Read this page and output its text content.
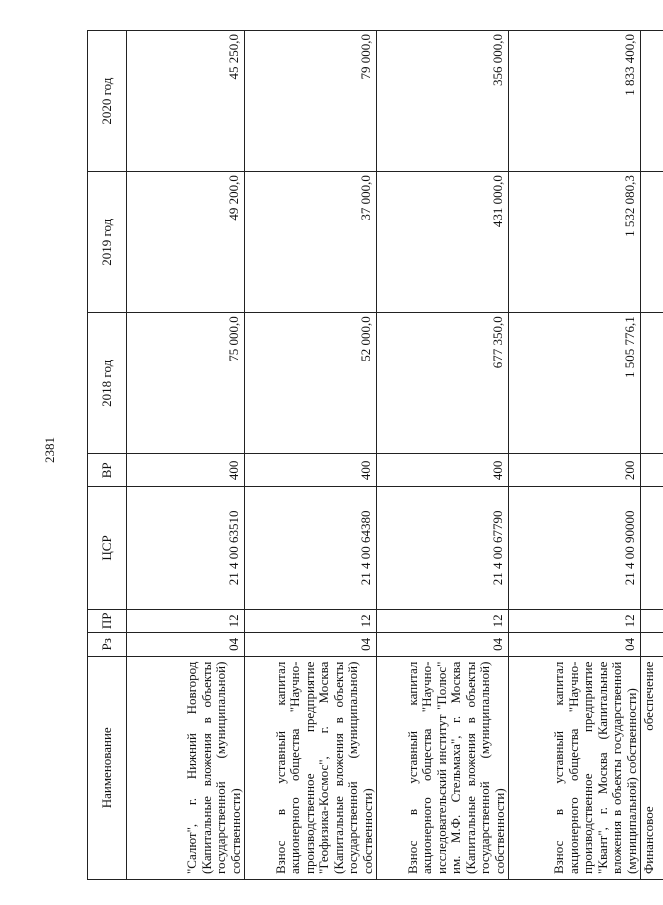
2381
Наименование	Рз	ПР	ЦСР	ВР	2018 год	2019 год	2020 год
"Салют", г. Нижний Новгород (Капитальные вложения в объекты государственной (муниципальной) собственности)	04	12	21 4 00 63510	400	75 000,0	49 200,0	45 250,0
Взнос в уставный капитал акционерного общества "Научно-производственное предприятие "Геофизика-Космос", г. Москва (Капитальные вложения в объекты государственной (муниципальной) собственности)	04	12	21 4 00 64380	400	52 000,0	37 000,0	79 000,0
Взнос в уставный капитал акционерного общества "Научно-исследовательский институт "Полюс" им. М.Ф. Стельмаха", г. Москва (Капитальные вложения в объекты государственной (муниципальной) собственности)	04	12	21 4 00 67790	400	677 350,0	431 000,0	356 000,0
Взнос в уставный капитал акционерного общества "Научно-производственное предприятие "Квант", г. Москва (Капитальные вложения в объекты государственной (муниципальной) собственности)	04	12	21 4 00 90000	200	1 505 776,1	1 532 080,3	1 833 400,0
Финансовое обеспечение							
